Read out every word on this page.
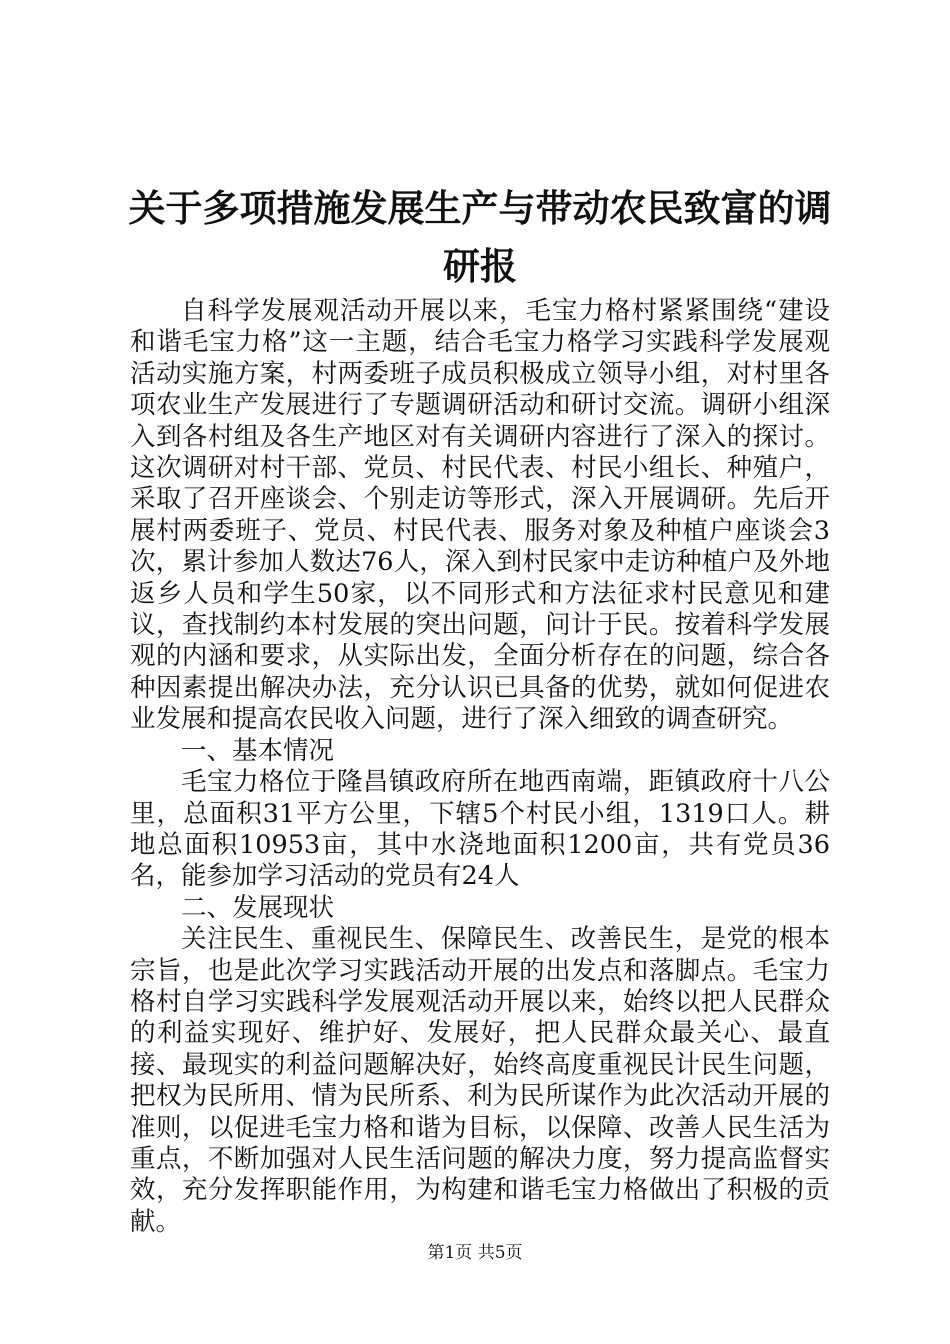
关于多项措施发展生产与带动农民致富的调研报

自科学发展观活动开展以来，毛宝力格村紧紧围绕“建设和谐毛宝力格”这一主题，结合毛宝力格学习实践科学发展观活动实施方案，村两委班子成员积极成立领导小组，对村里各项农业生产发展进行了专题调研活动和研讨交流。调研小组深入到各村组及各生产地区对有关调研内容进行了深入的探讨。这次调研对村干部、党员、村民代表、村民小组长、种殖户，采取了召开座谈会、个别走访等形式，深入开展调研。先后开展村两委班子、党员、村民代表、服务对象及种植户座谈会3次，累计参加人数达76人，深入到村民家中走访种植户及外地返乡人员和学生50家，以不同形式和方法征求村民意见和建议，查找制约本村发展的突出问题，问计于民。按着科学发展观的内涵和要求，从实际出发，全面分析存在的问题，综合各种因素提出解决办法，充分认识已具备的优势，就如何促进农业发展和提高农民收入问题，进行了深入细致的调查研究。

一、基本情况

毛宝力格位于隆昌镇政府所在地西南端，距镇政府十八公里，总面积31平方公里，下辖5个村民小组，1319口人。耕地总面积10953亩，其中水浇地面积1200亩，共有党员36名，能参加学习活动的党员有24人

二、发展现状

关注民生、重视民生、保障民生、改善民生，是党的根本宗旨，也是此次学习实践活动开展的出发点和落脚点。毛宝力格村自学习实践科学发展观活动开展以来，始终以把人民群众的利益实现好、维护好、发展好，把人民群众最关心、最直接、最现实的利益问题解决好，始终高度重视民计民生问题，把权为民所用、情为民所系、利为民所谋作为此次活动开展的准则，以促进毛宝力格和谐为目标，以保障、改善人民生活为重点，不断加强对人民生活问题的解决力度，努力提高监督实效，充分发挥职能作用，为构建和谐毛宝力格做出了积极的贡献。

第1页 共5页
